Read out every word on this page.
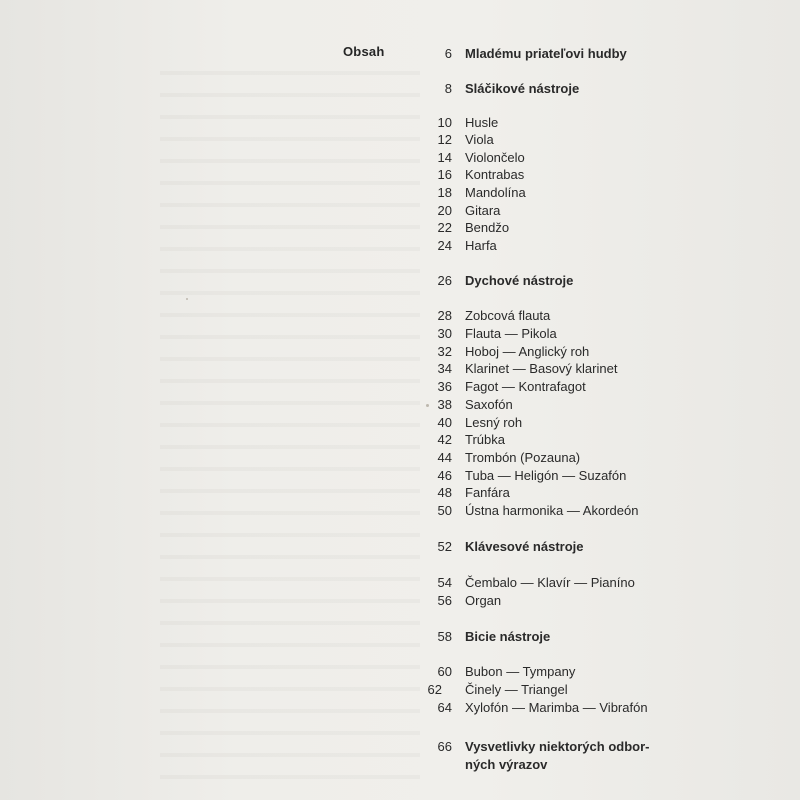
Obsah	6 Mladému priateľovi hudby
8 Sláčikové nástroje
10 Husle
12 Viola
14 Violončelo
16 Kontrabas
18 Mandolína
20 Gitara
22 Bendžo
24 Harfa
26 Dychové nástroje
28 Zobcová flauta
30 Flauta — Pikola
32 Hoboj — Anglický roh
34 Klarinet — Basový klarinet
36 Fagot — Kontrafagot
38 Saxofón
40 Lesný roh
42 Trúbka
44 Trombón (Pozauna)
46 Tuba — Heligón — Suzafón
48 Fanfára
50 Ústna harmonika — Akordeón
52 Klávesové nástroje
54 Čembalo — Klavír — Pianíno
56 Organ
58 Bicie nástroje
60 Bubon — Tympany
62 Činely — Triangel
64 Xylofón — Marimba — Vibrafón
66 Vysvetlivky niektorých odbor-
ných výrazov
